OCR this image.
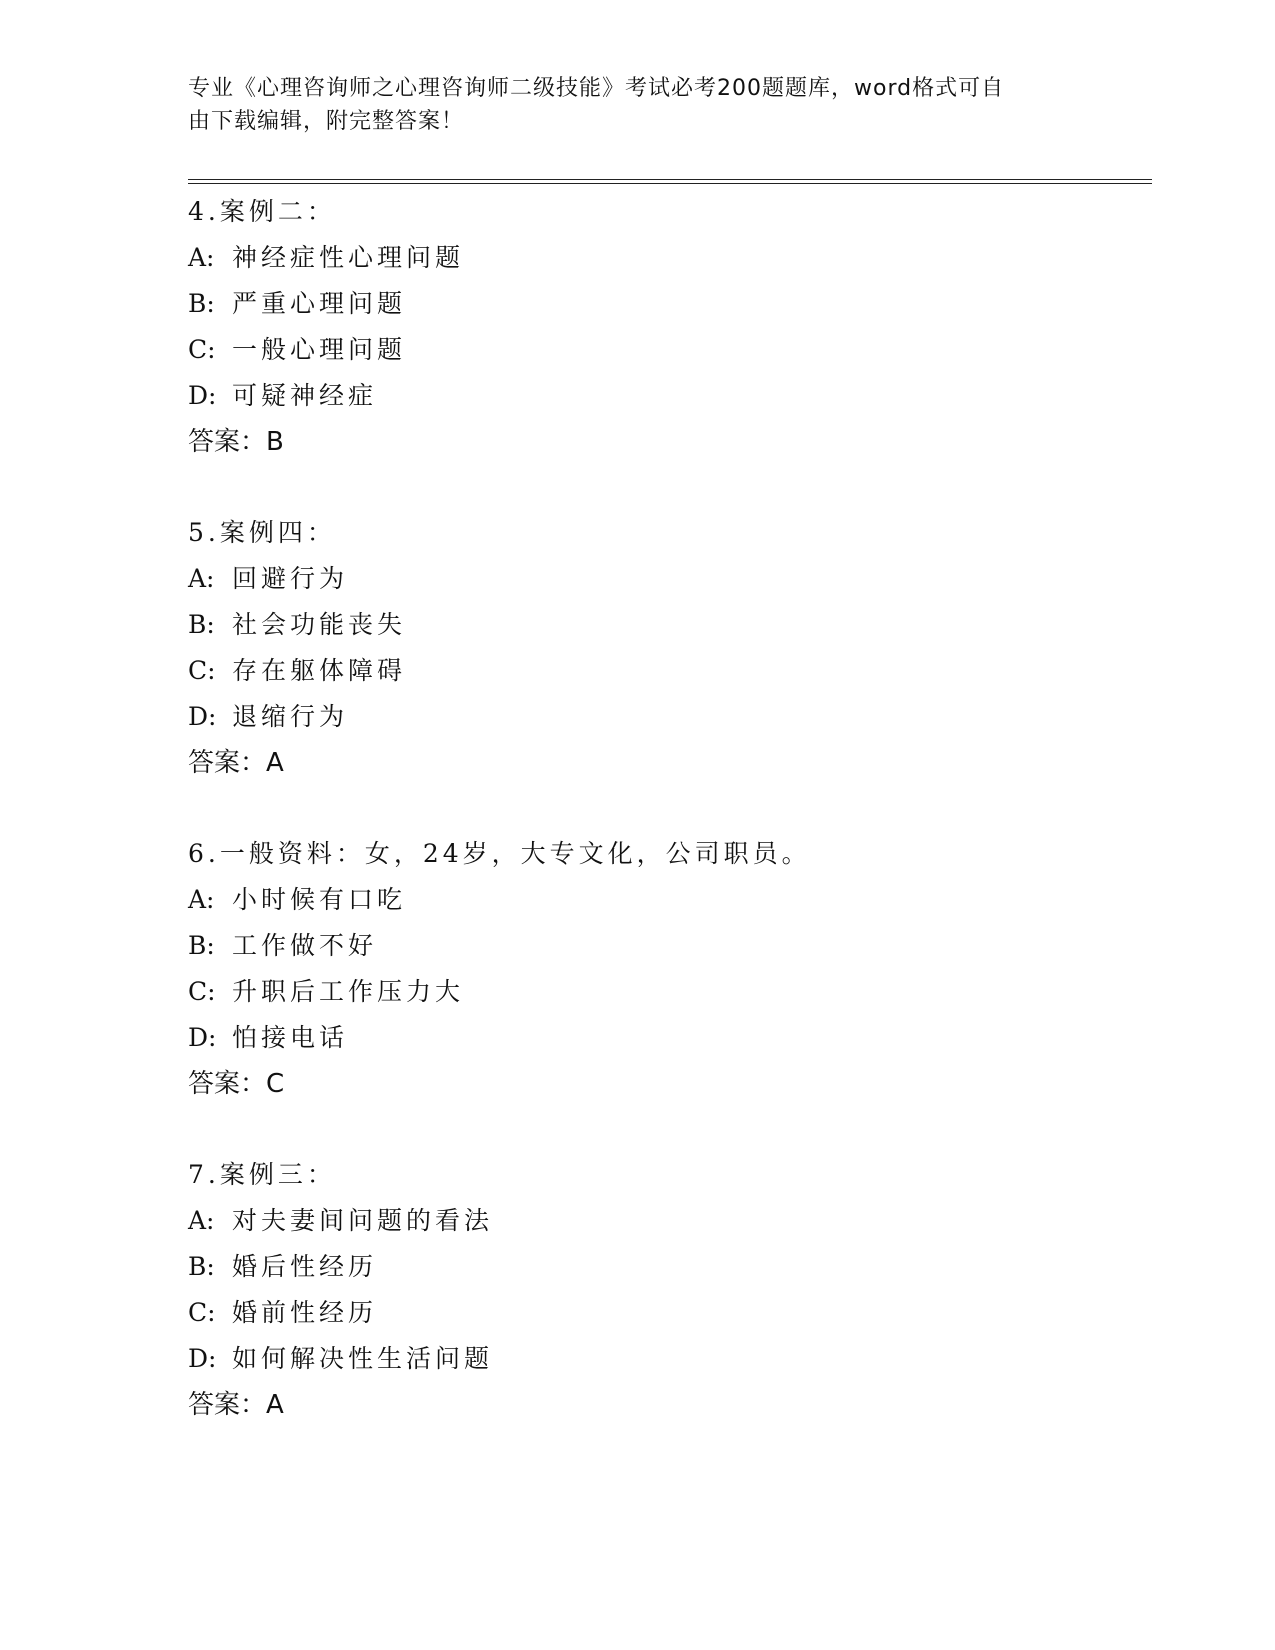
专业《心理咨询师之心理咨询师二级技能》考试必考200题题库，word格式可自
由下载编辑，附完整答案！
4.案例二：
A: 神经症性心理问题
B: 严重心理问题
C: 一般心理问题
D: 可疑神经症
答案：B
5.案例四：
A: 回避行为
B: 社会功能丧失
C: 存在躯体障碍
D: 退缩行为
答案：A
6.一般资料：女，24岁，大专文化，公司职员。
A: 小时候有口吃
B: 工作做不好
C: 升职后工作压力大
D: 怕接电话
答案：C
7.案例三：
A: 对夫妻间问题的看法
B: 婚后性经历
C: 婚前性经历
D: 如何解决性生活问题
答案：A
